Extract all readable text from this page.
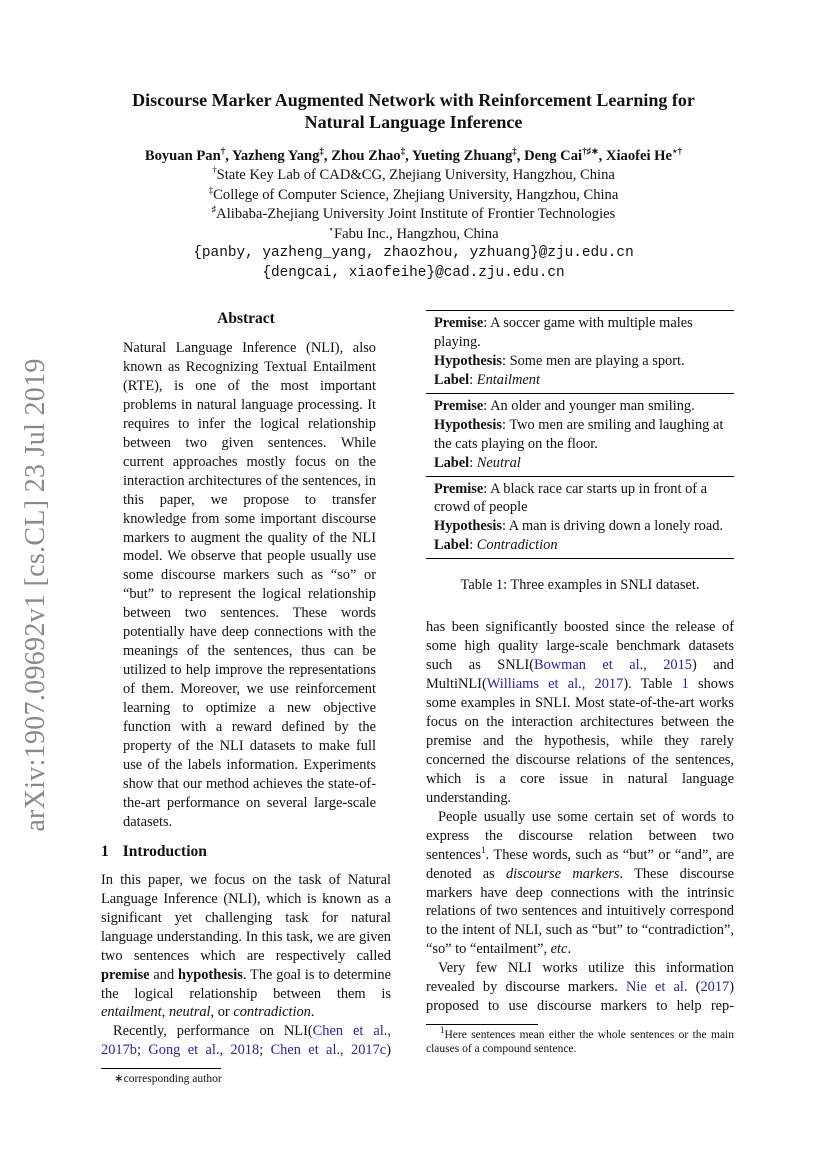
arXiv:1907.09692v1 [cs.CL] 23 Jul 2019
Discourse Marker Augmented Network with Reinforcement Learning for
Natural Language Inference
Boyuan Pan†, Yazheng Yang‡, Zhou Zhao‡, Yueting Zhuang‡, Deng Cai†♯∗, Xiaofei He⋆†
†State Key Lab of CAD&CG, Zhejiang University, Hangzhou, China
‡College of Computer Science, Zhejiang University, Hangzhou, China
♯Alibaba-Zhejiang University Joint Institute of Frontier Technologies
⋆Fabu Inc., Hangzhou, China
{panby, yazheng_yang, zhaozhou, yzhuang}@zju.edu.cn
{dengcai, xiaofeihe}@cad.zju.edu.cn
Abstract

Natural Language Inference (NLI), also known as Recognizing Textual Entailment (RTE), is one of the most important problems in natural language processing. It requires to infer the logical relationship between two given sentences. While current approaches mostly focus on the interaction architectures of the sentences, in this paper, we propose to transfer knowledge from some important discourse markers to augment the quality of the NLI model. We observe that people usually use some discourse markers such as “so” or “but” to represent the logical relationship between two sentences. These words potentially have deep connections with the meanings of the sentences, thus can be utilized to help improve the representations of them. Moreover, we use reinforcement learning to optimize a new objective function with a reward defined by the property of the NLI datasets to make full use of the labels information. Experiments show that our method achieves the state-of-the-art performance on several large-scale datasets.

1 Introduction

In this paper, we focus on the task of Natural Language Inference (NLI), which is known as a significant yet challenging task for natural language understanding. In this task, we are given two sentences which are respectively called premise and hypothesis. The goal is to determine the logical relationship between them is entailment, neutral, or contradiction.

Recently, performance on NLI(Chen et al., 2017b; Gong et al., 2018; Chen et al., 2017c)

∗corresponding author
Premise: A soccer game with multiple males playing.
Hypothesis: Some men are playing a sport.
Label: Entailment
Premise: An older and younger man smiling.
Hypothesis: Two men are smiling and laughing at the cats playing on the floor.
Label: Neutral
Premise: A black race car starts up in front of a crowd of people
Hypothesis: A man is driving down a lonely road.
Label: Contradiction
Table 1: Three examples in SNLI dataset.

has been significantly boosted since the release of some high quality large-scale benchmark datasets such as SNLI(Bowman et al., 2015) and MultiNLI(Williams et al., 2017). Table 1 shows some examples in SNLI. Most state-of-the-art works focus on the interaction architectures between the premise and the hypothesis, while they rarely concerned the discourse relations of the sentences, which is a core issue in natural language understanding.

People usually use some certain set of words to express the discourse relation between two sentences$^1$. These words, such as “but” or “and”, are denoted as discourse markers. These discourse markers have deep connections with the intrinsic relations of two sentences and intuitively correspond to the intent of NLI, such as “but” to “contradiction”, “so” to “entailment”, etc.

Very few NLI works utilize this information revealed by discourse markers. Nie et al. (2017) proposed to use discourse markers to help rep-

$^1$Here sentences mean either the whole sentences or the main clauses of a compound sentence.
